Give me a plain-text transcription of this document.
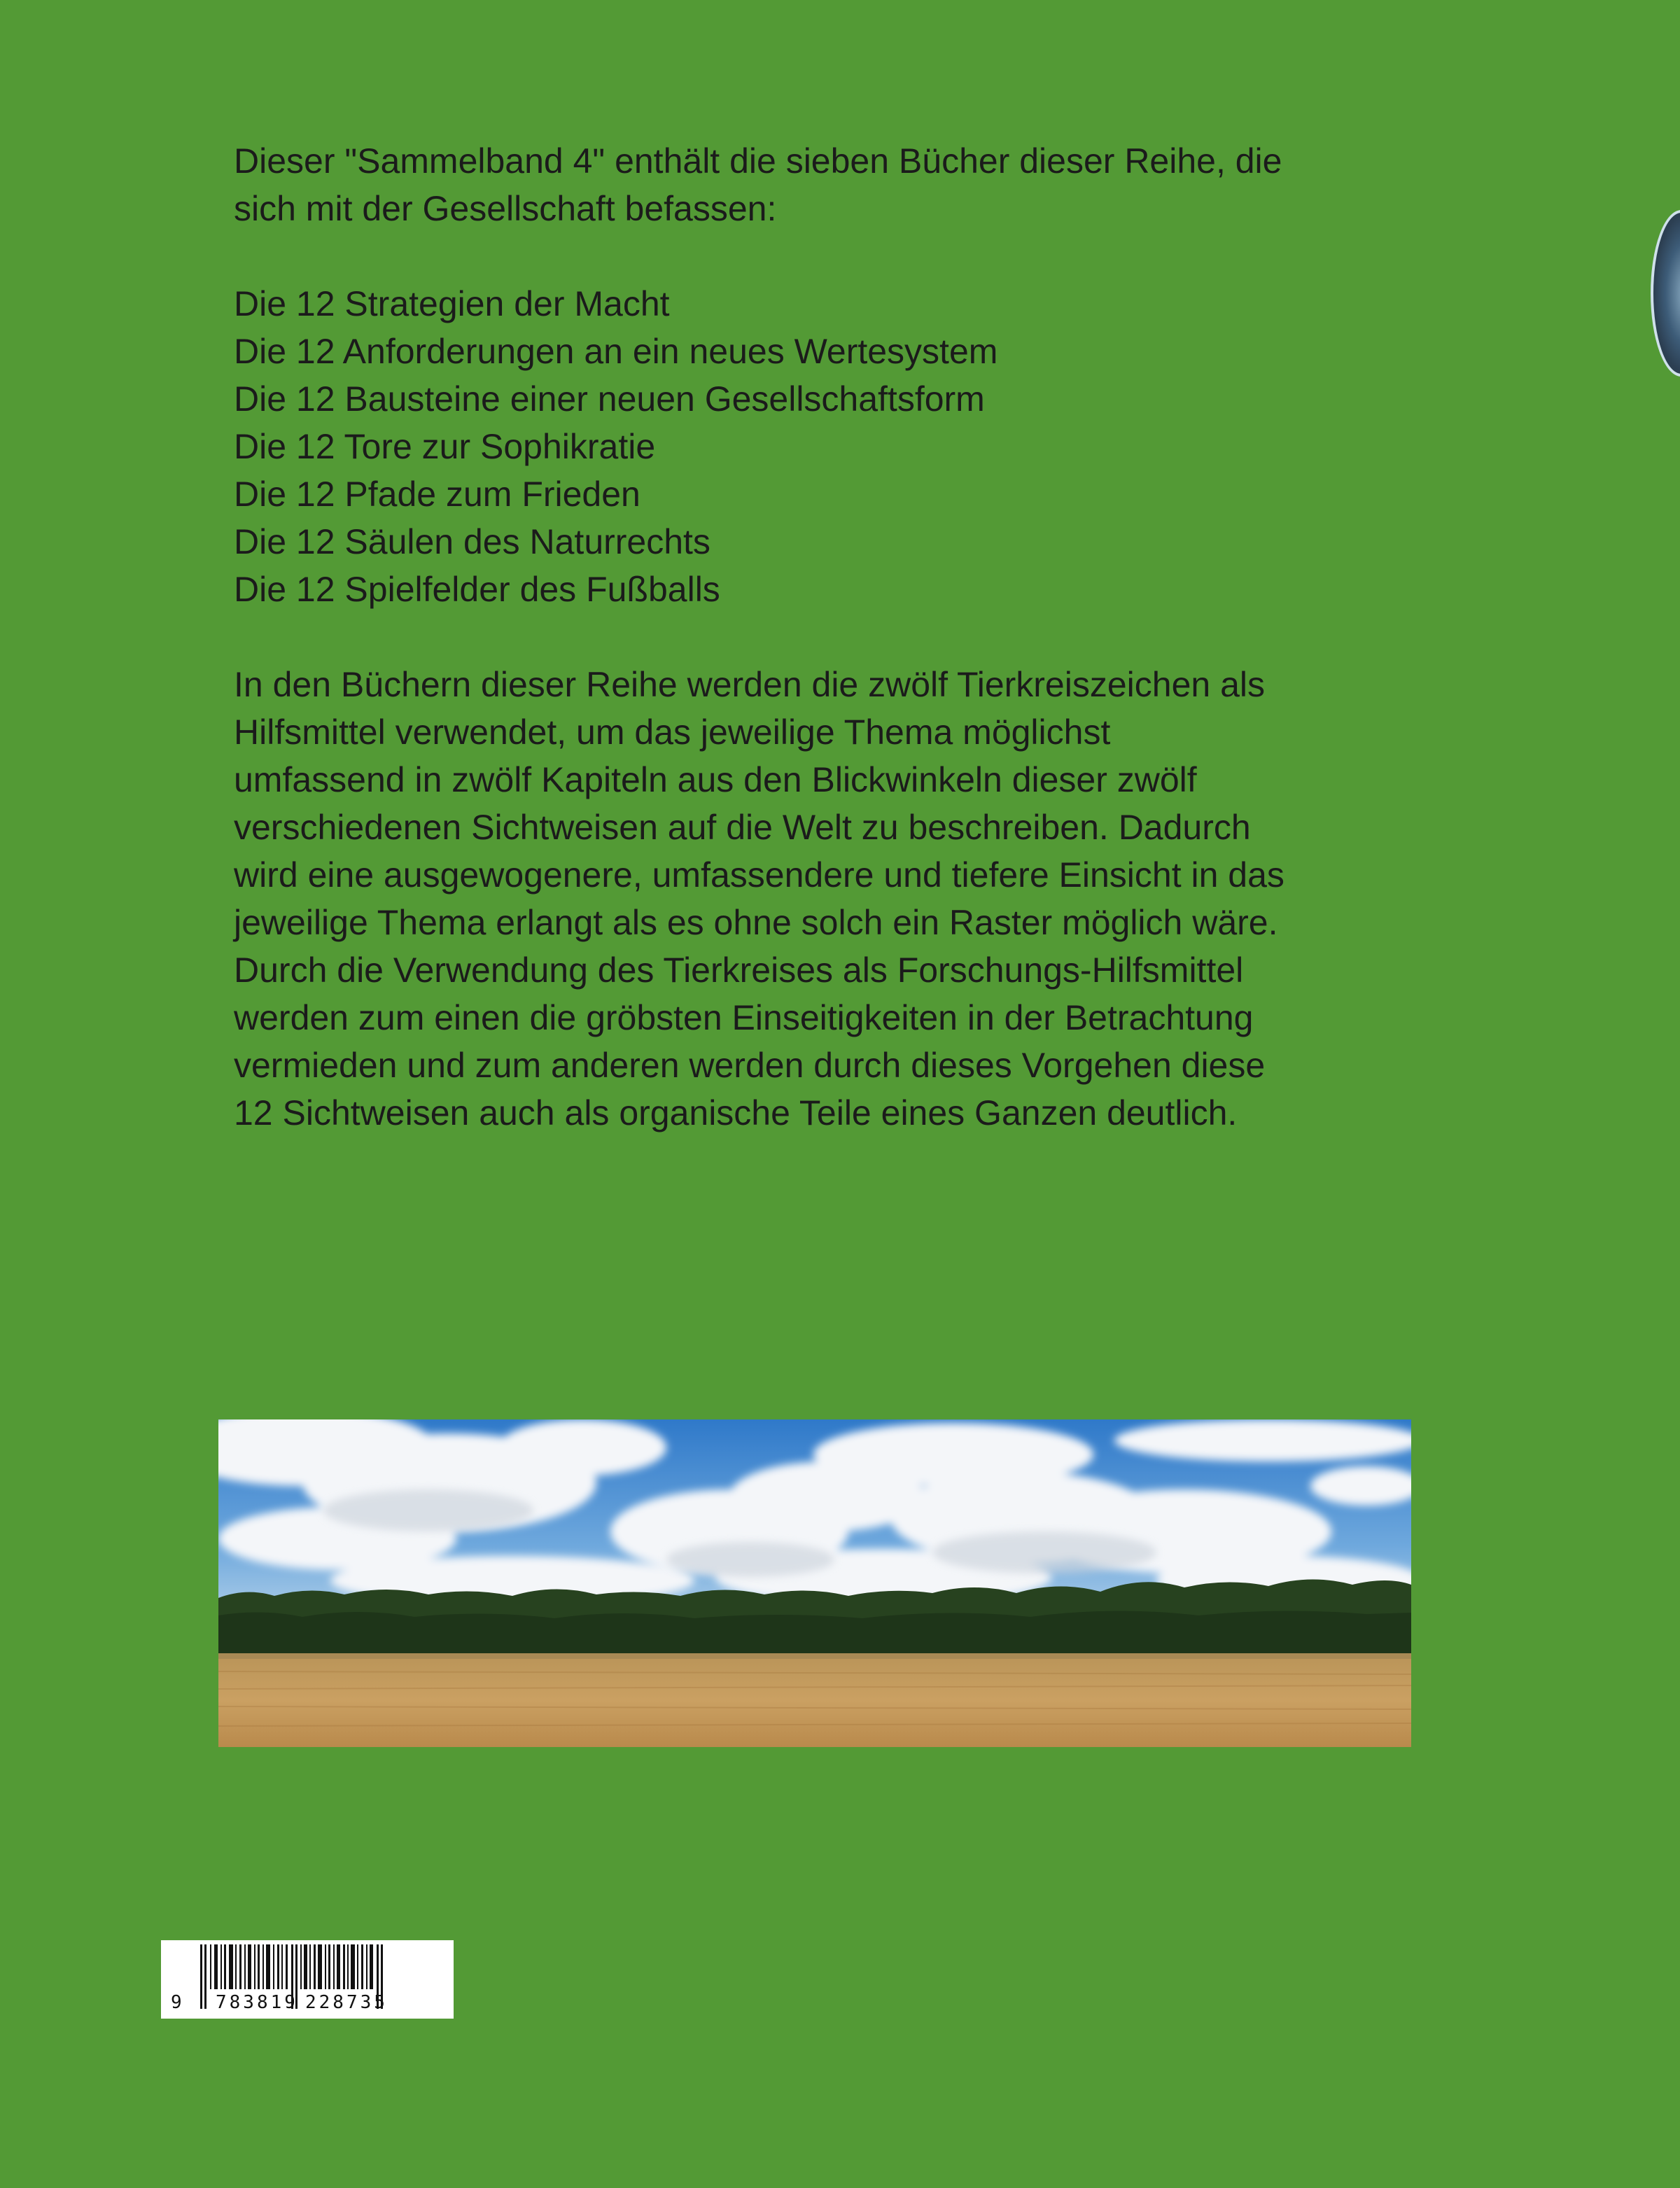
Dieser "Sammelband 4" enthält die sieben Bücher dieser Reihe, die

sich mit der Gesellschaft befassen:

Die 12 Strategien der Macht
Die 12 Anforderungen an ein neues Wertesystem
Die 12 Bausteine einer neuen Gesellschaftsform
Die 12 Tore zur Sophikratie
Die 12 Pfade zum Frieden
Die 12 Säulen des Naturrechts
Die 12 Spielfelder des Fußballs

In den Büchern dieser Reihe werden die zwölf Tierkreiszeichen als

Hilfsmittel verwendet, um das jeweilige Thema möglichst

umfassend in zwölf Kapiteln aus den Blickwinkeln dieser zwölf

verschiedenen Sichtweisen auf die Welt zu beschreiben. Dadurch

wird eine ausgewogenere, umfassendere und tiefere Einsicht in das

jeweilige Thema erlangt als es ohne solch ein Raster möglich wäre.

Durch die Verwendung des Tierkreises als Forschungs-Hilfsmittel

werden zum einen die gröbsten Einseitigkeiten in der Betrachtung

vermieden und zum anderen werden durch dieses Vorgehen diese

12 Sichtweisen auch als organische Teile eines Ganzen deutlich.

9 783819 228735
